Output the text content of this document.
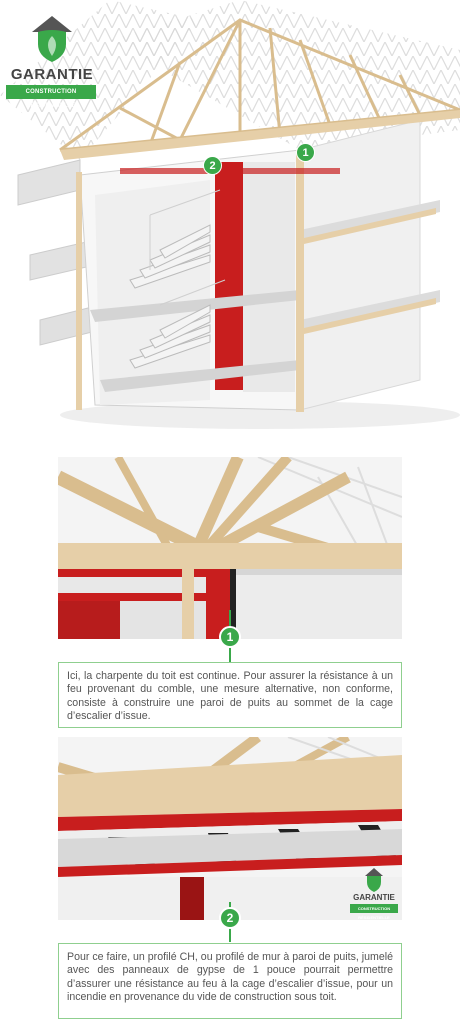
GARANTIE
CONSTRUCTION RÉSIDENTIELLE
2
1
1
Ici, la charpente du toit est continue. Pour assurer la résistance à un feu provenant du comble, une mesure alternative, non conforme, consiste à construire une paroi de puits au sommet de la cage d’escalier d’issue.
GARANTIE
CONSTRUCTION RÉSIDENTIELLE
2
Pour ce faire, un profilé CH, ou profilé de mur à paroi de puits, jumelé avec des panneaux de gypse de 1 pouce pourrait permettre d’assurer une résistance au feu à la cage d’escalier d’issue, pour un incendie en provenance du vide de construction sous toit.
